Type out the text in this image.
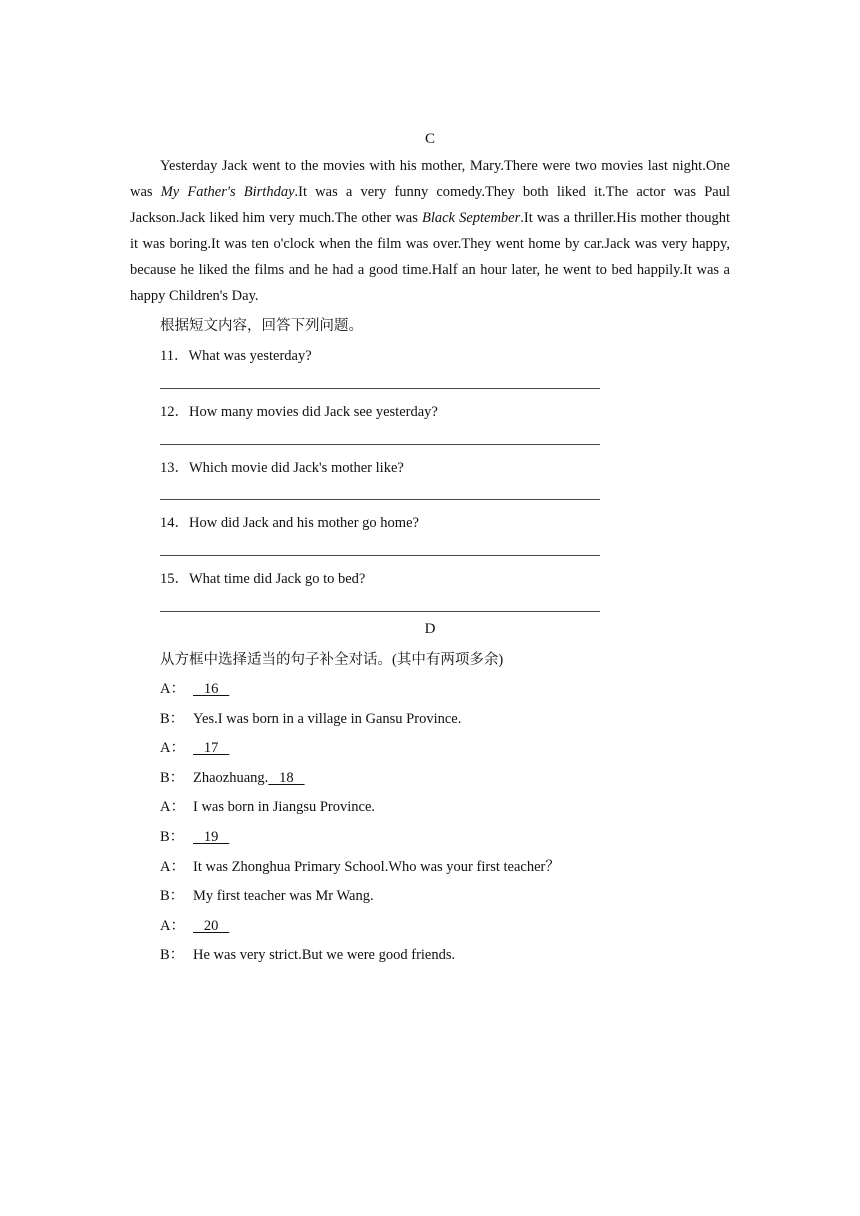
C

Yesterday Jack went to the movies with his mother, Mary.There were two movies last night.One was My Father's Birthday.It was a very funny comedy.They both liked it.The actor was Paul Jackson.Jack liked him very much.The other was Black September.It was a thriller.His mother thought it was boring.It was ten o'clock when the film was over.They went home by car.Jack was very happy, because he liked the films and he had a good time.Half an hour later, he went to bed happily.It was a happy Children's Day.

根据短文内容，回答下列问题。
11．What was yesterday?
12．How many movies did Jack see yesterday?
13．Which movie did Jack's mother like?
14．How did Jack and his mother go home?
15．What time did Jack go to bed?
D
从方框中选择适当的句子补全对话。(其中有两项多余)
A：   16
B： Yes.I was born in a village in Gansu Province.
A：   17
B： Zhaozhuang.   18
A： I was born in Jiangsu Province.
B：   19
A： It was Zhonghua Primary School.Who was your first teacher？
B： My first teacher was Mr Wang.
A：   20
B： He was very strict.But we were good friends.
